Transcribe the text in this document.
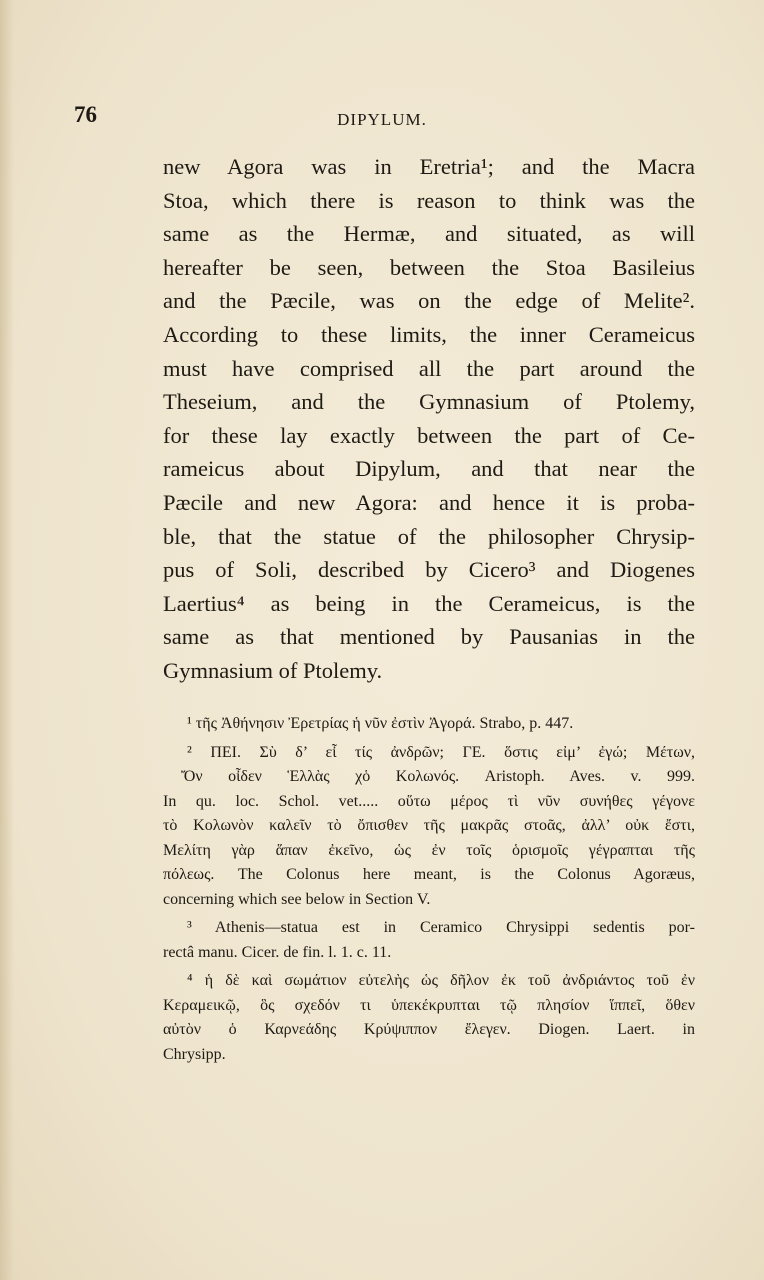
76	DIPYLUM.
new Agora was in Eretria¹; and the Macra
Stoa, which there is reason to think was the
same as the Hermæ, and situated, as will
hereafter be seen, between the Stoa Basileius
and the Pæcile, was on the edge of Melite².
According to these limits, the inner Cerameicus
must have comprised all the part around the
Theseium, and the Gymnasium of Ptolemy,
for these lay exactly between the part of Ce-
rameicus about Dipylum, and that near the
Pæcile and new Agora: and hence it is proba-
ble, that the statue of the philosopher Chrysip-
pus of Soli, described by Cicero³ and Diogenes
Laertius⁴ as being in the Cerameicus, is the
same as that mentioned by Pausanias in the
Gymnasium of Ptolemy.
¹ τῆς Ἀθήνησιν Ἐρετρίας ἡ νῦν ἐστὶν Ἀγορά. Strabo, p. 447.
² ΠΕΙ. Σὺ δ’ εἶ τίς ἀνδρῶν; ΓΕ. ὅστις εἰμ’ ἐγώ; Μέτων,
Ὄν οἶδεν Ἑλλὰς χὁ Κολωνός. Aristoph. Aves. v. 999.
In qu. loc. Schol. vet..... οὕτω μέρος τὶ νῦν συνήθες γέγονε
τὸ Κολωνὸν καλεῖν τὸ ὄπισθεν τῆς μακρᾶς στοᾶς, ἀλλ’ οὐκ ἔστι,
Μελίτη γὰρ ἅπαν ἐκεῖνο, ὡς ἐν τοῖς ὁρισμοῖς γέγραπται τῆς
πόλεως. The Colonus here meant, is the Colonus Agoræus,
concerning which see below in Section V.
³ Athenis—statua est in Ceramico Chrysippi sedentis por-
rectâ manu. Cicer. de fin. l. 1. c. 11.
⁴ ἡ δὲ καὶ σωμάτιον εὐτελὴς ὡς δῆλον ἐκ τοῦ ἀνδριάντος τοῦ ἐν
Κεραμεικῷ, ὃς σχεδόν τι ὑπεκέκρυπται τῷ πλησίον ἵππεῖ, ὅθεν
αὐτὸν ὁ Καρνεάδης Κρύψιππον ἔλεγεν. Diogen. Laert. in
Chrysipp.
